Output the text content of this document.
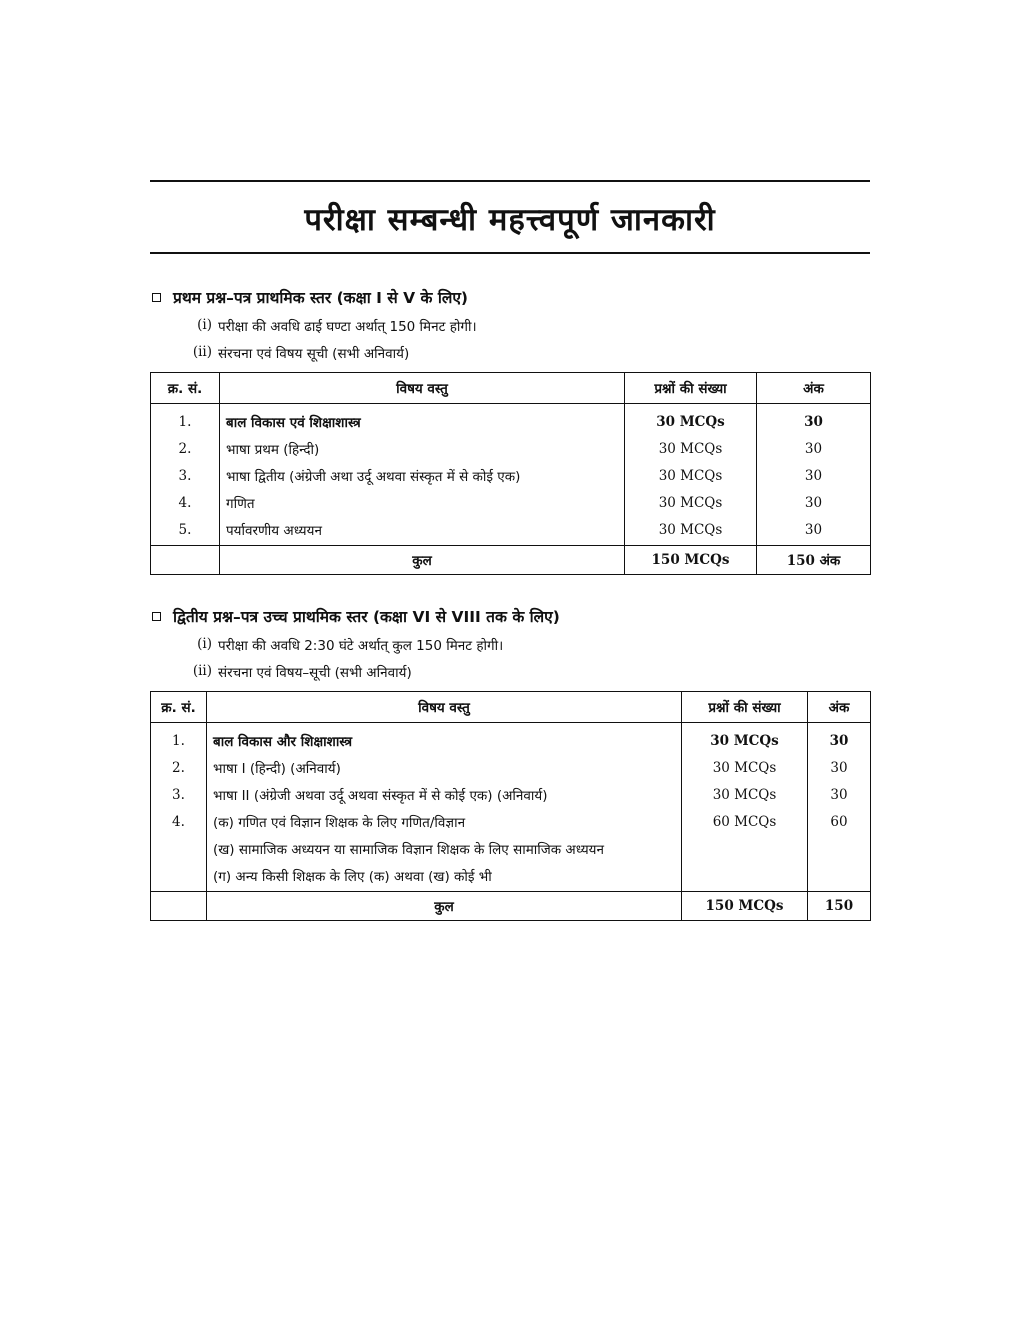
परीक्षा सम्बन्धी महत्त्वपूर्ण जानकारी
प्रथम प्रश्न–पत्र प्राथमिक स्तर (कक्षा I से V के लिए)
(i) परीक्षा की अवधि ढाई घण्टा अर्थात् 150 मिनट होगी।
(ii) संरचना एवं विषय सूची (सभी अनिवार्य)
क्र. सं.	विषय वस्तु	प्रश्नों की संख्या	अंक
1.	बाल विकास एवं शिक्षाशास्त्र	30 MCQs	30
2.	भाषा प्रथम (हिन्दी)	30 MCQs	30
3.	भाषा द्वितीय (अंग्रेजी अथा उर्दू अथवा संस्कृत में से कोई एक)	30 MCQs	30
4.	गणित	30 MCQs	30
5.	पर्यावरणीय अध्ययन	30 MCQs	30
	कुल	150 MCQs	150 अंक
द्वितीय प्रश्न–पत्र उच्च प्राथमिक स्तर (कक्षा VI से VIII तक के लिए)
(i) परीक्षा की अवधि 2:30 घंटे अर्थात् कुल 150 मिनट होगी।
(ii) संरचना एवं विषय–सूची (सभी अनिवार्य)
क्र. सं.	विषय वस्तु	प्रश्नों की संख्या	अंक
1.	बाल विकास और शिक्षाशास्त्र	30 MCQs	30
2.	भाषा I (हिन्दी) (अनिवार्य)	30 MCQs	30
3.	भाषा II (अंग्रेजी अथवा उर्दू अथवा संस्कृत में से कोई एक) (अनिवार्य)	30 MCQs	30
4.	(क) गणित एवं विज्ञान शिक्षक के लिए गणित/विज्ञान	60 MCQs	60
	(ख) सामाजिक अध्ययन या सामाजिक विज्ञान शिक्षक के लिए सामाजिक अध्ययन		
	(ग) अन्य किसी शिक्षक के लिए (क) अथवा (ख) कोई भी		
	कुल	150 MCQs	150
